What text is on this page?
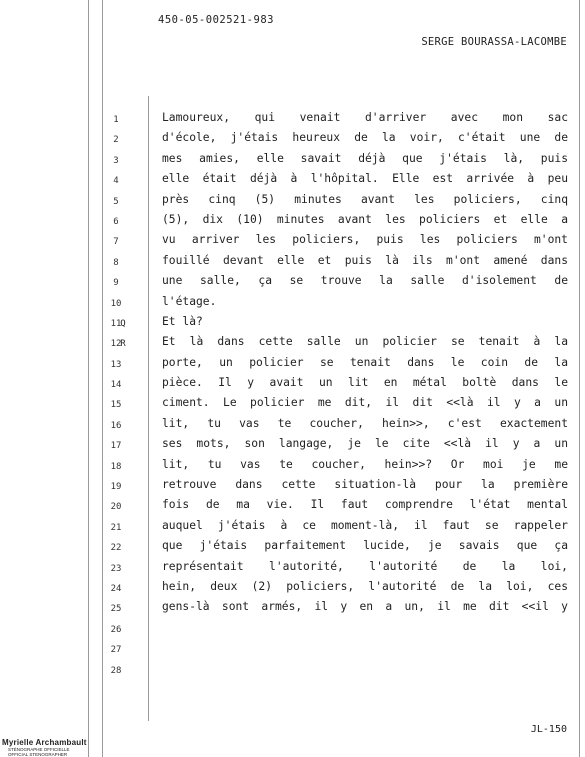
450-05-002521-983
SERGE BOURASSA-LACOMBE
1
2
3
4
5
6
7
8
9
10
11
12
13
14
15
16
17
18
19
20
21
22
23
24
25
26
27
28
Q
R
Lamoureux, qui venait d'arriver avec mon sac
d'école, j'étais heureux de la voir, c'était une de
mes amies, elle savait déjà que j'étais là, puis
elle était déjà à l'hôpital. Elle est arrivée à peu
près cinq (5) minutes avant les policiers, cinq
(5), dix (10) minutes avant les policiers et elle a
vu arriver les policiers, puis les policiers m'ont
fouillé devant elle et puis là ils m'ont amené dans
une salle, ça se trouve la salle d'isolement de
l'étage.
Et là?
Et là dans cette salle un policier se tenait à la
porte, un policier se tenait dans le coin de la
pièce. Il y avait un lit en métal boltè dans le
ciment. Le policier me dit, il dit <<là il y a un
lit, tu vas te coucher, hein>>, c'est exactement
ses mots, son langage, je le cite <<là il y a un
lit, tu vas te coucher, hein>>? Or moi je me
retrouve dans cette situation-là pour la première
fois de ma vie. Il faut comprendre l'état mental
auquel j'étais à ce moment-là, il faut se rappeler
que j'étais parfaitement lucide, je savais que ça
représentait l'autorité, l'autorité de la loi,
hein, deux (2) policiers, l'autorité de la loi, ces
gens-là sont armés, il y en a un, il me dit <<il y
JL-150
Myrielle Archambault
STÉNOGRAPHE OFFICIELLE
OFFICIAL STENOGRAPHER
